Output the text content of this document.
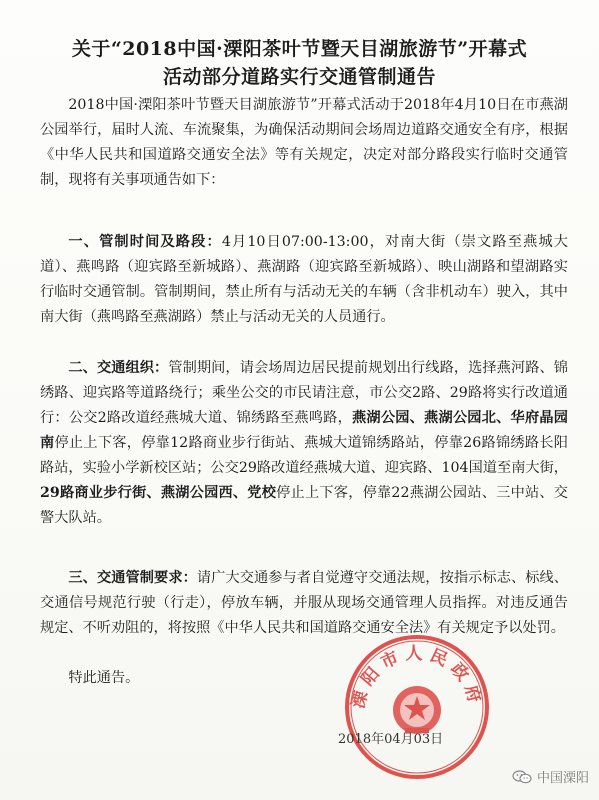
关于“2018中国·溧阳茶叶节暨天目湖旅游节”开幕式
活动部分道路实行交通管制通告
2018中国·溧阳茶叶节暨天目湖旅游节”开幕式活动于2018年4月10日在市燕湖公园举行，届时人流、车流聚集，为确保活动期间会场周边道路交通安全有序，根据《中华人民共和国道路交通安全法》等有关规定，决定对部分路段实行临时交通管制，现将有关事项通告如下：
一、管制时间及路段：4月10日07:00-13:00，对南大街（崇文路至燕城大道）、燕鸣路（迎宾路至新城路）、燕湖路（迎宾路至新城路）、映山湖路和望湖路实行临时交通管制。管制期间，禁止所有与活动无关的车辆（含非机动车）驶入，其中南大街（燕鸣路至燕湖路）禁止与活动无关的人员通行。
二、交通组织：管制期间，请会场周边居民提前规划出行线路，选择燕河路、锦绣路、迎宾路等道路绕行；乘坐公交的市民请注意，市公交2路、29路将实行改道通行：公交2路改道经燕城大道、锦绣路至燕鸣路，燕湖公园、燕湖公园北、华府晶园南停止上下客，停靠12路商业步行街站、燕城大道锦绣路站，停靠26路锦绣路长阳路站，实验小学新校区站；公交29路改道经燕城大道、迎宾路、104国道至南大街，29路商业步行街、燕湖公园西、党校停止上下客，停靠22燕湖公园站、三中站、交警大队站。
三、交通管制要求：请广大交通参与者自觉遵守交通法规，按指示标志、标线、交通信号规范行驶（行走），停放车辆，并服从现场交通管理人员指挥。对违反通告规定、不听劝阻的，将按照《中华人民共和国道路交通安全法》有关规定予以处罚。
特此通告。
溧阳市人民政府
2018年04月03日
中国溧阳
